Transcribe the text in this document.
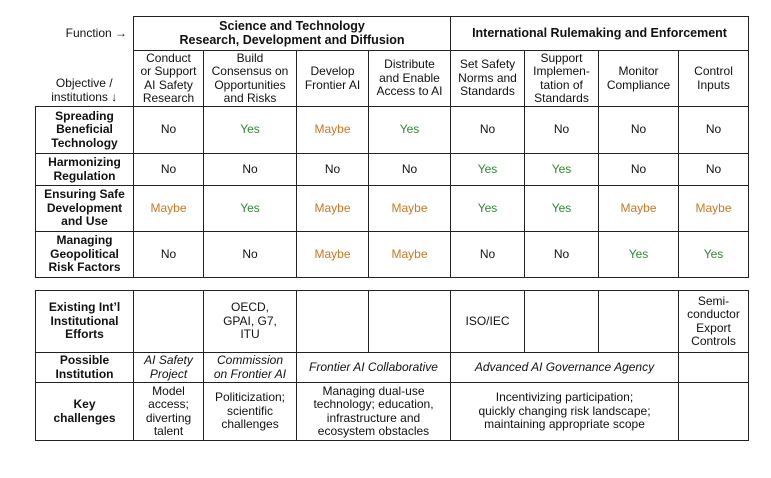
Function →	Science and Technology
Research, Development and Diffusion				International Rulemaking and Enforcement			
Objective /
institutions ↓	Conduct
or Support
AI Safety
Research	Build
Consensus on
Opportunities
and Risks	Develop
Frontier AI	Distribute
and Enable
Access to AI	Set Safety
Norms and
Standards	Support
Implemen-
tation of
Standards	Monitor
Compliance	Control
Inputs
Spreading
Beneficial
Technology	No	Yes	Maybe	Yes	No	No	No	No
Harmonizing
Regulation	No	No	No	No	Yes	Yes	No	No
Ensuring Safe
Development
and Use	Maybe	Yes	Maybe	Maybe	Yes	Yes	Maybe	Maybe
Managing
Geopolitical
Risk Factors	No	No	Maybe	Maybe	No	No	Yes	Yes
Existing Int’l
Institutional
Efforts		OECD,
GPAI, G7,
ITU			ISO/IEC			Semi-
conductor
Export
Controls
Possible
Institution	AI Safety
Project	Commission
on Frontier AI	Frontier AI Collaborative		Advanced AI Governance Agency			
Key
challenges	Model
access;
diverting
talent	Politicization;
scientific
challenges	Managing dual-use
technology; education,
infrastructure and
ecosystem obstacles		Incentivizing participation;
quickly changing risk landscape;
maintaining appropriate scope			
